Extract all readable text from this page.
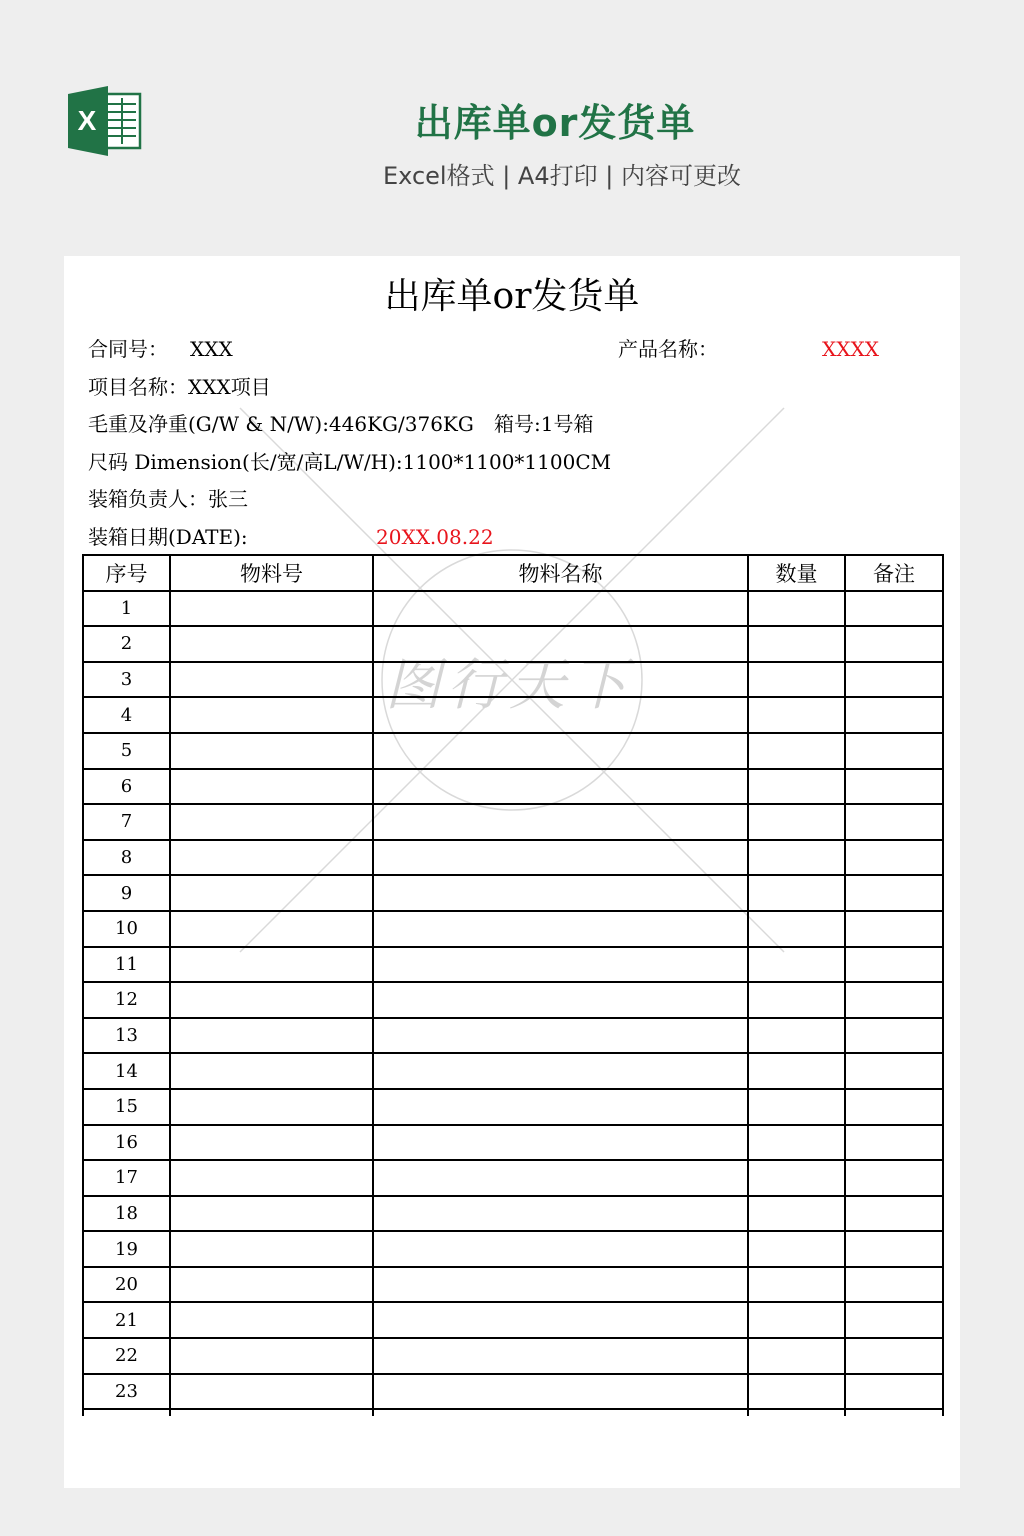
X	出库单or发货单
Excel格式 | A4打印 | 内容可更改
图行天下
出库单or发货单
合同号： XXX	产品名称：	XXXX
项目名称：XXX项目
毛重及净重(G/W & N/W):446KG/376KG 箱号:1号箱
尺码 Dimension(长/宽/高L/W/H):1100*1100*1100CM
装箱负责人：张三
装箱日期(DATE):	20XX.08.22
序号	物料号	物料名称	数量	备注
1				
2				
3				
4				
5				
6				
7				
8				
9				
10				
11				
12				
13				
14				
15				
16				
17				
18				
19				
20				
21				
22				
23				
